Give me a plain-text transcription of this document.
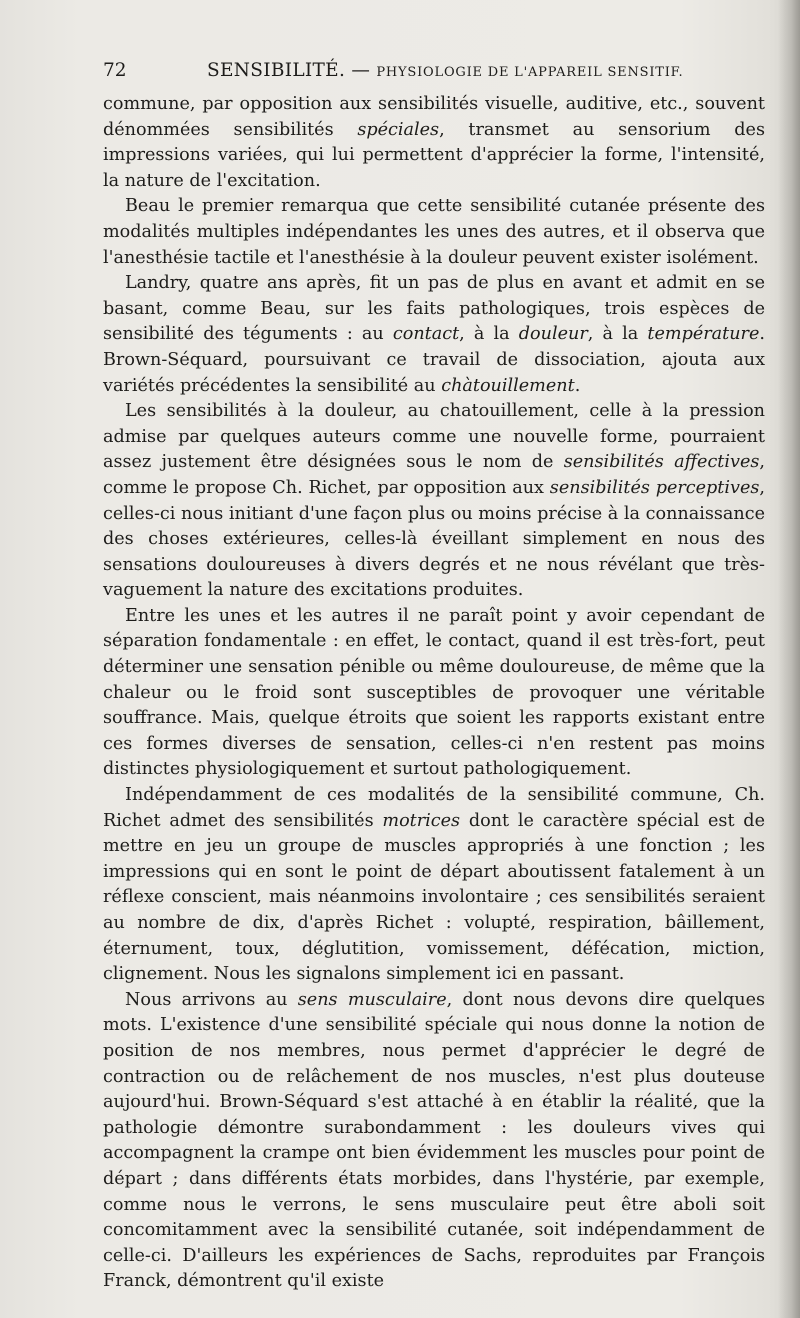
72	SENSIBILITÉ. — PHYSIOLOGIE DE L'APPAREIL SENSITIF.

commune, par opposition aux sensibilités visuelle, auditive, etc., souvent dénommées sensibilités spéciales, transmet au sensorium des impressions variées, qui lui permettent d'apprécier la forme, l'intensité, la nature de l'excitation.

Beau le premier remarqua que cette sensibilité cutanée présente des modalités multiples indépendantes les unes des autres, et il observa que l'anesthésie tactile et l'anesthésie à la douleur peuvent exister isolément.

Landry, quatre ans après, fit un pas de plus en avant et admit en se basant, comme Beau, sur les faits pathologiques, trois espèces de sensibilité des téguments : au contact, à la douleur, à la température. Brown-Séquard, poursuivant ce travail de dissociation, ajouta aux variétés précédentes la sensibilité au chàtouillement.

Les sensibilités à la douleur, au chatouillement, celle à la pression admise par quelques auteurs comme une nouvelle forme, pourraient assez justement être désignées sous le nom de sensibilités affectives, comme le propose Ch. Richet, par opposition aux sensibilités perceptives, celles-ci nous initiant d'une façon plus ou moins précise à la connaissance des choses extérieures, celles-là éveillant simplement en nous des sensations douloureuses à divers degrés et ne nous révélant que très-vaguement la nature des excitations produites.

Entre les unes et les autres il ne paraît point y avoir cependant de séparation fondamentale : en effet, le contact, quand il est très-fort, peut déterminer une sensation pénible ou même douloureuse, de même que la chaleur ou le froid sont susceptibles de provoquer une véritable souffrance. Mais, quelque étroits que soient les rapports existant entre ces formes diverses de sensation, celles-ci n'en restent pas moins distinctes physiologiquement et surtout pathologiquement.

Indépendamment de ces modalités de la sensibilité commune, Ch. Richet admet des sensibilités motrices dont le caractère spécial est de mettre en jeu un groupe de muscles appropriés à une fonction ; les impressions qui en sont le point de départ aboutissent fatalement à un réflexe conscient, mais néanmoins involontaire ; ces sensibilités seraient au nombre de dix, d'après Richet : volupté, respiration, bâillement, éternument, toux, déglutition, vomissement, défécation, miction, clignement. Nous les signalons simplement ici en passant.

Nous arrivons au sens musculaire, dont nous devons dire quelques mots. L'existence d'une sensibilité spéciale qui nous donne la notion de position de nos membres, nous permet d'apprécier le degré de contraction ou de relâchement de nos muscles, n'est plus douteuse aujourd'hui. Brown-Séquard s'est attaché à en établir la réalité, que la pathologie démontre surabondamment : les douleurs vives qui accompagnent la crampe ont bien évidemment les muscles pour point de départ ; dans différents états morbides, dans l'hystérie, par exemple, comme nous le verrons, le sens musculaire peut être aboli soit concomitamment avec la sensibilité cutanée, soit indépendamment de celle-ci. D'ailleurs les expériences de Sachs, reproduites par François Franck, démontrent qu'il existe
